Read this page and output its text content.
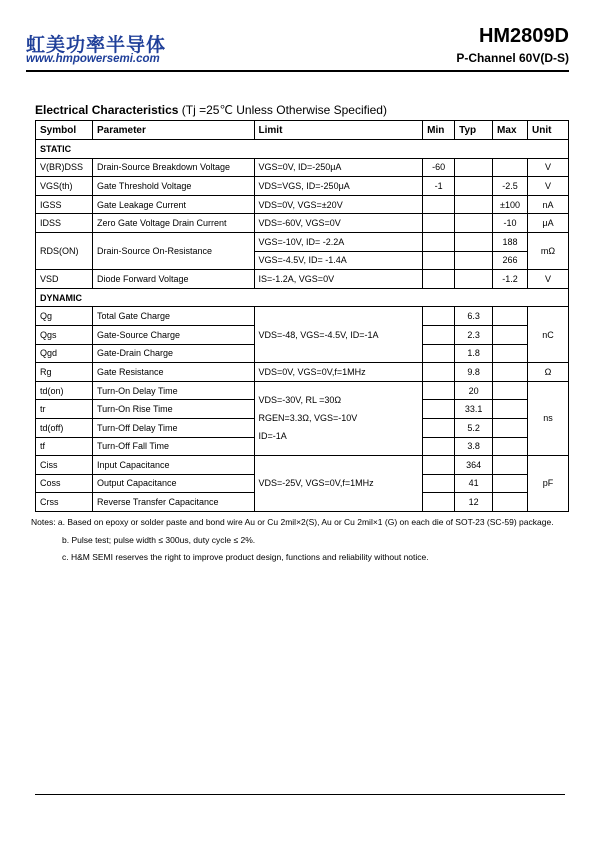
虹美功率半导体
www.hmpowersemi.com
HM2809D
P-Channel 60V(D-S)
Electrical Characteristics (Tj =25℃ Unless Otherwise Specified)
Symbol	Parameter	Limit	Min	Typ	Max	Unit
STATIC						
V(BR)DSS	Drain-Source Breakdown Voltage	VGS=0V, ID=-250μA	-60			V
VGS(th)	Gate Threshold Voltage	VDS=VGS, ID=-250μA	-1		-2.5	V
IGSS	Gate Leakage Current	VDS=0V, VGS=±20V			±100	nA
IDSS	Zero Gate Voltage Drain Current	VDS=-60V, VGS=0V			-10	μA
RDS(ON)	Drain-Source On-Resistance	VGS=-10V, ID= -2.2A			188	mΩ
		VGS=-4.5V, ID= -1.4A			266	
VSD	Diode Forward Voltage	IS=-1.2A, VGS=0V			-1.2	V
DYNAMIC						
Qg	Total Gate Charge	VDS=-48, VGS=-4.5V, ID=-1A		6.3		nC
Qgs	Gate-Source Charge			2.3		
Qgd	Gate-Drain Charge			1.8		
Rg	Gate Resistance	VDS=0V, VGS=0V,f=1MHz		9.8		Ω
td(on)	Turn-On Delay Time	VDS=-30V, RL =30Ω
RGEN=3.3Ω, VGS=-10V
ID=-1A		20		ns
tr	Turn-On Rise Time			33.1		
td(off)	Turn-Off Delay Time			5.2		
tf	Turn-Off Fall Time			3.8		
Ciss	Input Capacitance	VDS=-25V, VGS=0V,f=1MHz		364		pF
Coss	Output Capacitance			41		
Crss	Reverse Transfer Capacitance			12		
Notes: a. Based on epoxy or solder paste and bond wire Au or Cu 2mil×2(S), Au or Cu 2mil×1 (G) on each die of SOT-23 (SC-59) package.
b. Pulse test; pulse width ≤ 300us, duty cycle ≤ 2%.
c. H&M SEMI reserves the right to improve product design, functions and reliability without notice.
